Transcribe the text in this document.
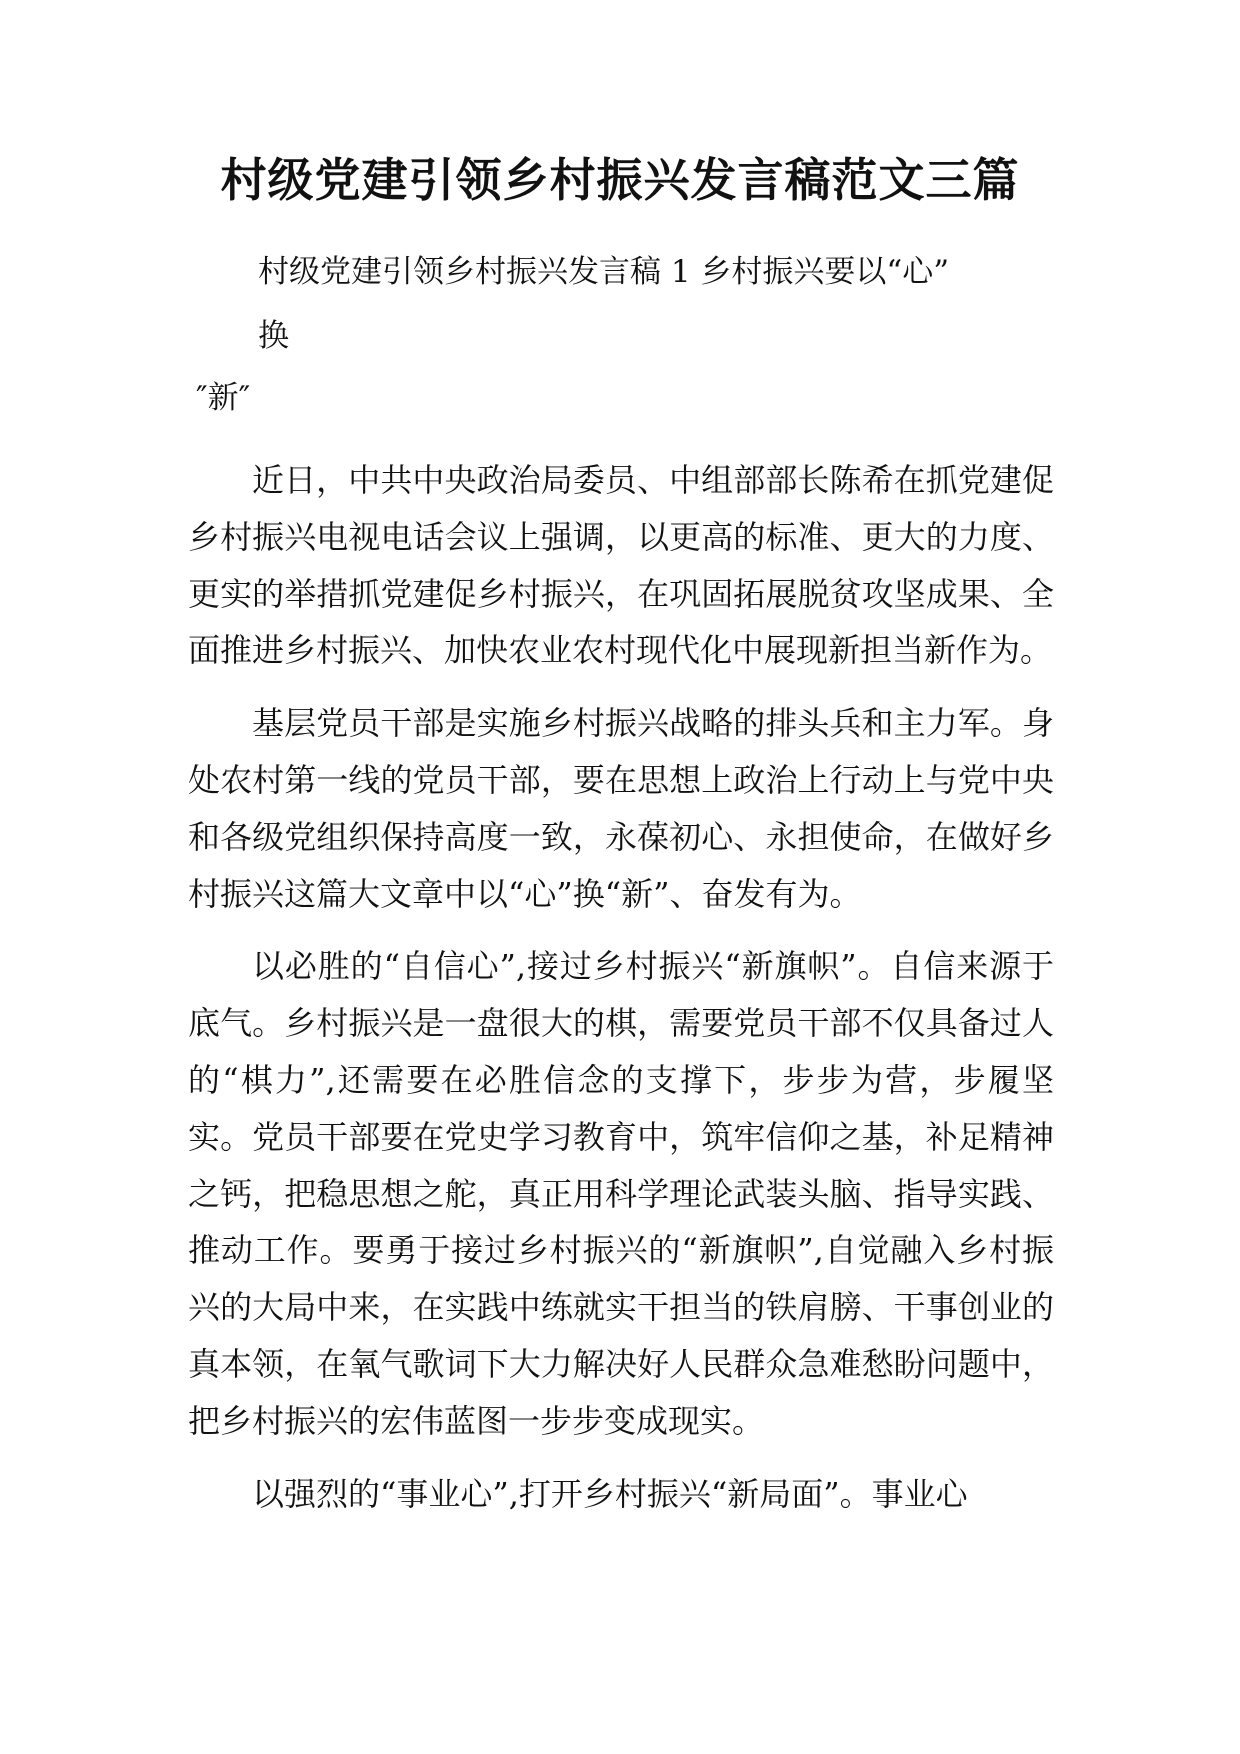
村级党建引领乡村振兴发言稿范文三篇

村级党建引领乡村振兴发言稿 1 乡村振兴要以“心”

换

″新″

近日，中共中央政治局委员、中组部部长陈希在抓党建促乡村振兴电视电话会议上强调，以更高的标准、更大的力度、更实的举措抓党建促乡村振兴，在巩固拓展脱贫攻坚成果、全面推进乡村振兴、加快农业农村现代化中展现新担当新作为。

基层党员干部是实施乡村振兴战略的排头兵和主力军。身处农村第一线的党员干部，要在思想上政治上行动上与党中央和各级党组织保持高度一致，永葆初心、永担使命，在做好乡村振兴这篇大文章中以“心”换“新”、奋发有为。

以必胜的“自信心”,接过乡村振兴“新旗帜”。自信来源于底气。乡村振兴是一盘很大的棋，需要党员干部不仅具备过人的“棋力”,还需要在必胜信念的支撑下，步步为营，步履坚实。党员干部要在党史学习教育中，筑牢信仰之基，补足精神之钙，把稳思想之舵，真正用科学理论武装头脑、指导实践、推动工作。要勇于接过乡村振兴的“新旗帜”,自觉融入乡村振兴的大局中来，在实践中练就实干担当的铁肩膀、干事创业的真本领，在氧气歌词下大力解决好人民群众急难愁盼问题中，把乡村振兴的宏伟蓝图一步步变成现实。

以强烈的“事业心”,打开乡村振兴“新局面”。事业心
